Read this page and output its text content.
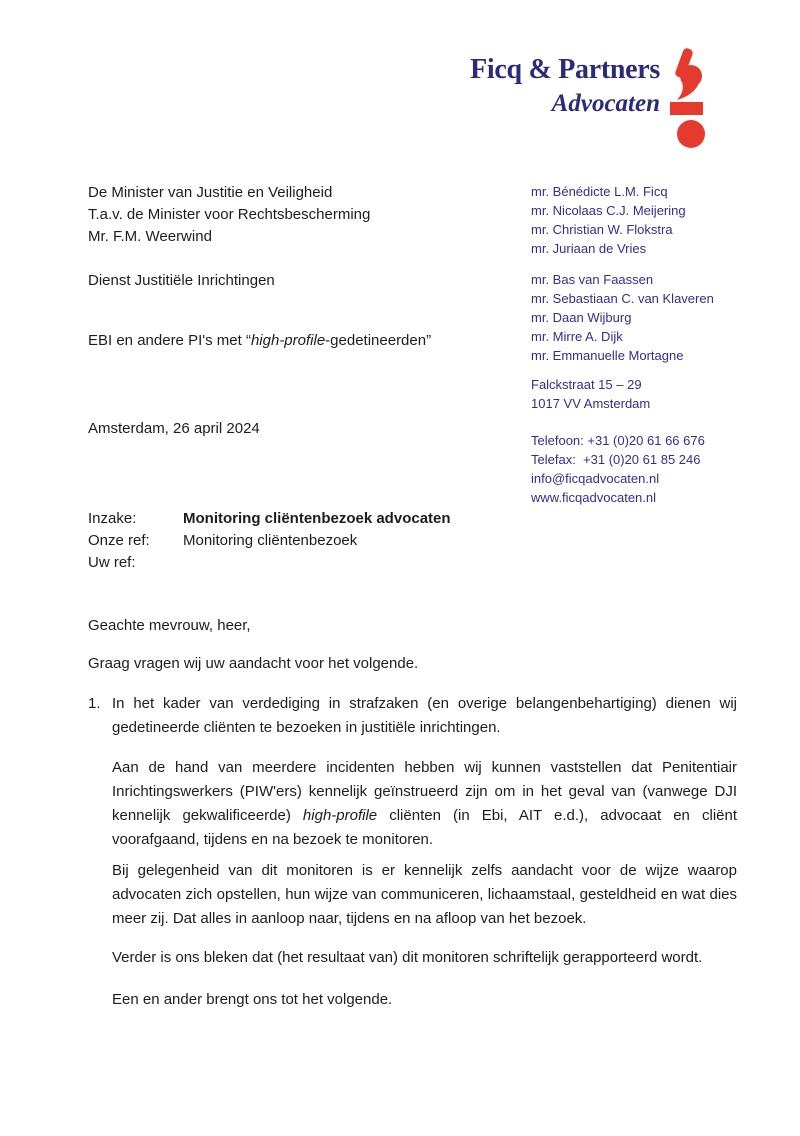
Ficq & Partners
Advocaten
mr. Bénédicte L.M. Ficq
mr. Nicolaas C.J. Meijering
mr. Christian W. Flokstra
mr. Juriaan de Vries
mr. Bas van Faassen
mr. Sebastiaan C. van Klaveren
mr. Daan Wijburg
mr. Mirre A. Dijk
mr. Emmanuelle Mortagne
Falckstraat 15 – 29
1017 VV Amsterdam
Telefoon: +31 (0)20 61 66 676
Telefax:  +31 (0)20 61 85 246
info@ficqadvocaten.nl
www.ficqadvocaten.nl
De Minister van Justitie en Veiligheid
T.a.v. de Minister voor Rechtsbescherming
Mr. F.M. Weerwind
Dienst Justitiële Inrichtingen
EBI en andere PI's met “high-profile-gedetineerden”
Amsterdam, 26 april 2024
Inzake:	Monitoring cliëntenbezoek advocaten
Onze ref: Monitoring cliëntenbezoek
Uw ref:
Geachte mevrouw, heer,
Graag vragen wij uw aandacht voor het volgende.
1. In het kader van verdediging in strafzaken (en overige belangenbehartiging) dienen wij gedetineerde cliënten te bezoeken in justitiële inrichtingen.
Aan de hand van meerdere incidenten hebben wij kunnen vaststellen dat Penitentiair Inrichtingswerkers (PIW'ers) kennelijk geïnstrueerd zijn om in het geval van (vanwege DJI kennelijk gekwalificeerde) high-profile cliënten (in Ebi, AIT e.d.), advocaat en cliënt voorafgaand, tijdens en na bezoek te monitoren.
Bij gelegenheid van dit monitoren is er kennelijk zelfs aandacht voor de wijze waarop advocaten zich opstellen, hun wijze van communiceren, lichaamstaal, gesteldheid en wat dies meer zij. Dat alles in aanloop naar, tijdens en na afloop van het bezoek.
Verder is ons bleken dat (het resultaat van) dit monitoren schriftelijk gerapporteerd wordt.
Een en ander brengt ons tot het volgende.
